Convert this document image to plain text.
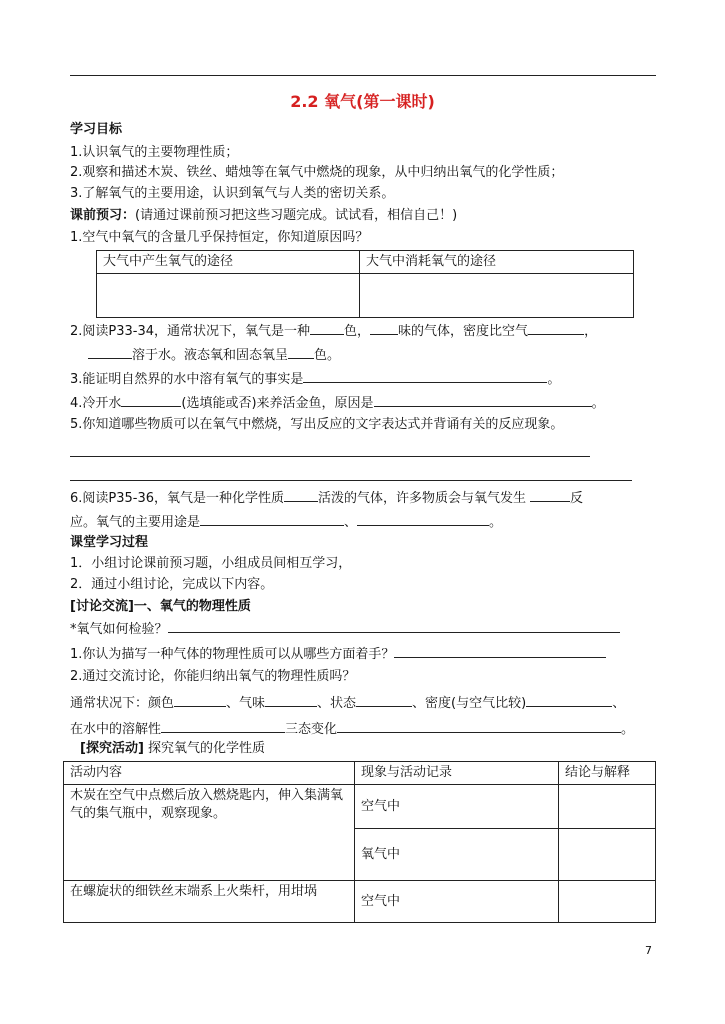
2.2 氧气(第一课时)
学习目标
1.认识氧气的主要物理性质；
2.观察和描述木炭、铁丝、蜡烛等在氧气中燃烧的现象，从中归纳出氧气的化学性质；
3.了解氧气的主要用途，认识到氧气与人类的密切关系。
课前预习：(请通过课前预习把这些习题完成。试试看，相信自己！)
1.空气中氧气的含量几乎保持恒定，你知道原因吗？
大气中产生氧气的途径	大气中消耗氧气的途径

2.阅读P33-34，通常状况下，氧气是一种	色， 味的气体，密度比空气	，
溶于水。液态氧和固态氧呈 色。
3.能证明自然界的水中溶有氧气的事实是	。
4.冷开水	(选填能或否)来养活金鱼，原因是	。
5.你知道哪些物质可以在氧气中燃烧，写出反应的文字表达式并背诵有关的反应现象。
6.阅读P35-36，氧气是一种化学性质	活泼的气体，许多物质会与氧气发生	反
应。氧气的主要用途是	、	。
课堂学习过程
1．小组讨论课前预习题，小组成员间相互学习，
2．通过小组讨论，完成以下内容。
[讨论交流]一、氧气的物理性质
*氧气如何检验？
1.你认为描写一种气体的物理性质可以从哪些方面着手？
2.通过交流讨论，你能归纳出氧气的物理性质吗？
通常状况下：颜色	、气味	、状态	、密度(与空气比较)	、
在水中的溶解性	三态变化	。
[探究活动] 探究氧气的化学性质
活动内容	现象与活动记录	结论与解释
木炭在空气中点燃后放入燃烧匙内，伸入集满氧气的集气瓶中，观察现象。	空气中	
	氧气中	
在螺旋状的细铁丝末端系上火柴杆，用坩埚	空气中	
7
